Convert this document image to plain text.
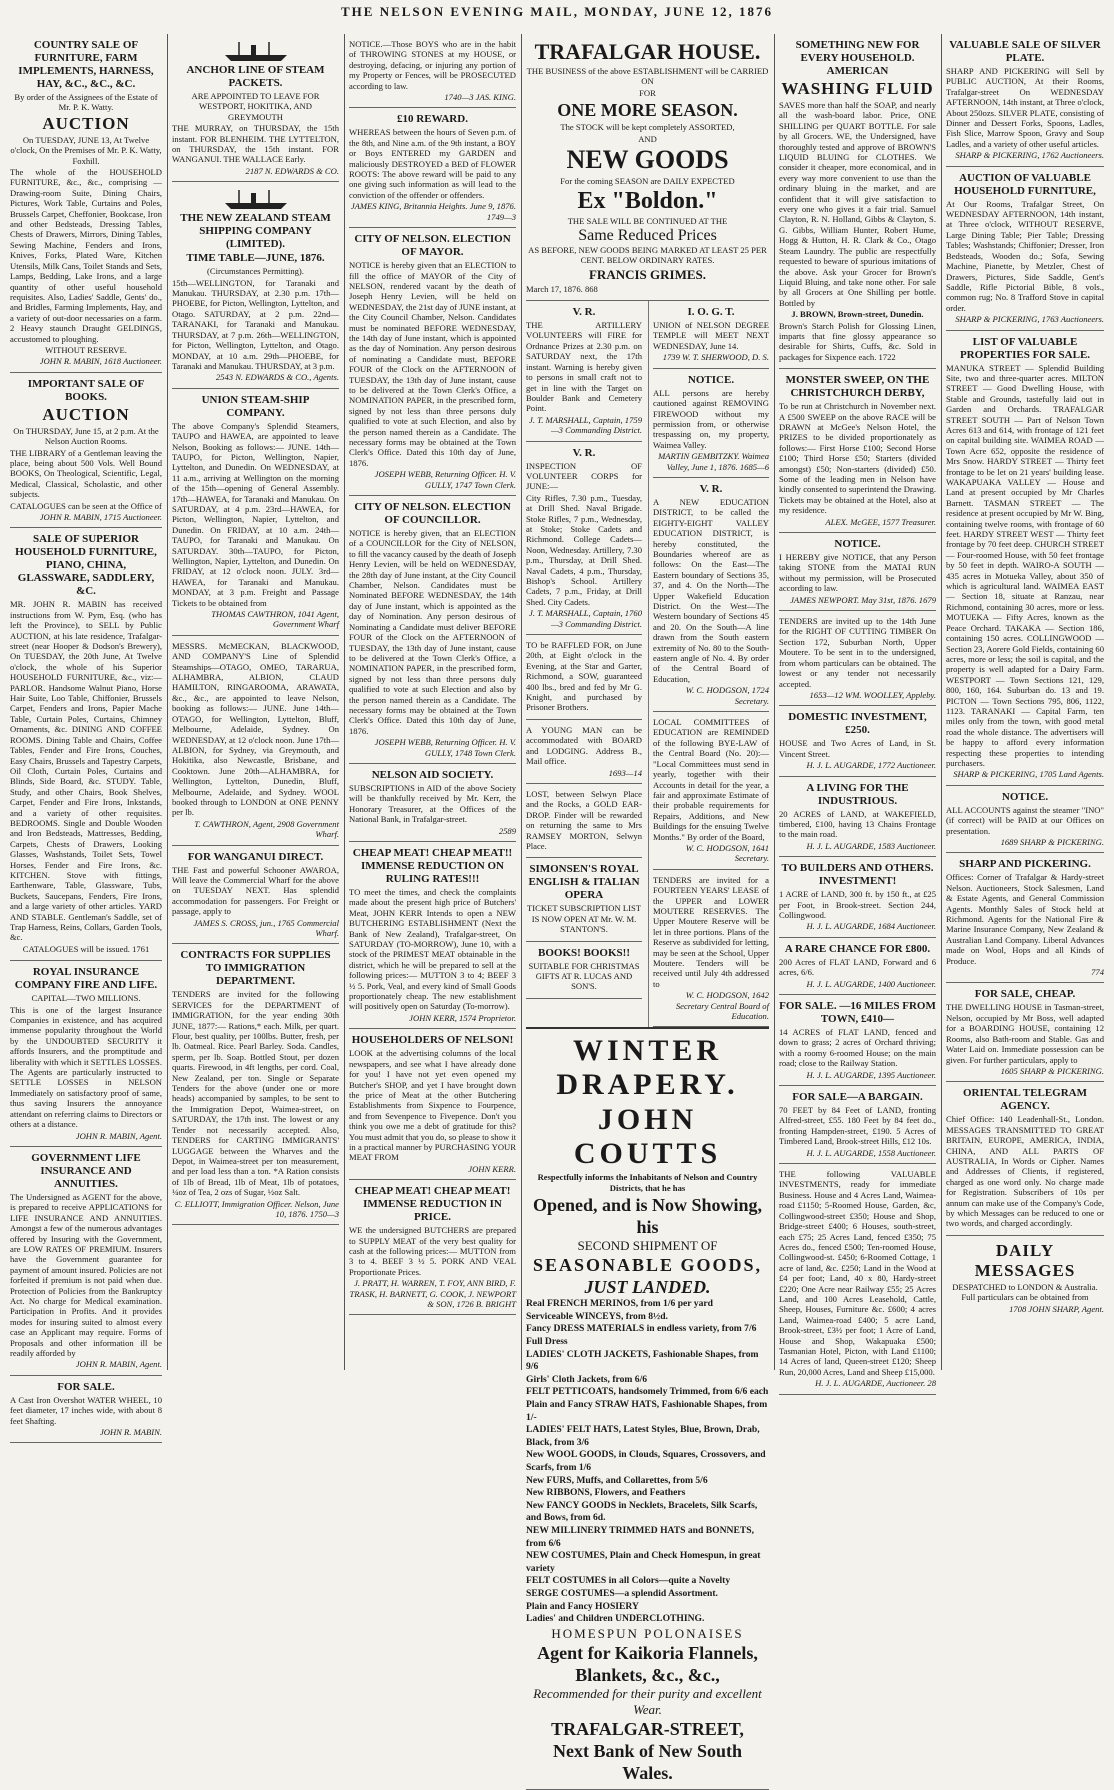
THE NELSON EVENING MAIL, MONDAY, JUNE 12, 1876
COUNTRY SALE OF FURNITURE, FARM IMPLEMENTS, HARNESS, HAY, &C., &C., &C.
By order of the Assignees of the Estate of Mr. P. K. Watty.
AUCTION
On TUESDAY, JUNE 13, At Twelve o'clock, On the Premises of Mr. P. K. Watty, Foxhill.
The whole of the HOUSEHOLD FURNITURE, &c., &c., comprising — Drawing-room Suite, Dining Chairs, Pictures, Work Table, Curtains and Poles, Brussels Carpet, Cheffonier, Bookcase, Iron and other Bedsteads, Dressing Tables, Chests of Drawers, Mirrors, Dining Tables, Sewing Machine, Fenders and Irons, Knives, Forks, Plated Ware, Kitchen Utensils, Milk Cans, Toilet Stands and Sets, Lamps, Bedding, Lake Irons, and a large quantity of other useful household requisites. Also, Ladies' Saddle, Gents' do., and Bridles, Farming Implements, Hay, and a variety of out-door necessaries on a farm. 2 Heavy staunch Draught GELDINGS, accustomed to ploughing.
WITHOUT RESERVE.
JOHN R. MABIN, 1618 Auctioneer.
IMPORTANT SALE OF BOOKS.
AUCTION
On THURSDAY, June 15, at 2 p.m. At the Nelson Auction Rooms.
THE LIBRARY of a Gentleman leaving the place, being about 500 Vols. Well Bound BOOKS, On Theological, Scientific, Legal, Medical, Classical, Scholastic, and other subjects.
CATALOGUES can be seen at the Office of
JOHN R. MABIN, 1715 Auctioneer.
SALE OF SUPERIOR HOUSEHOLD FURNITURE, PIANO, CHINA, GLASSWARE, SADDLERY, &C.
MR. JOHN R. MABIN has received instructions from W. Pym, Esq. (who has left the Province), to SELL by Public AUCTION, at his late residence, Trafalgar-street (near Hooper & Dodson's Brewery), On TUESDAY, the 20th June, At Twelve o'clock, the whole of his Superior HOUSEHOLD FURNITURE, &c., viz:— PARLOR. Handsome Walnut Piano, Horse Hair Suite, Loo Table, Chiffonier, Brussels Carpet, Fenders and Irons, Papier Mache Table, Curtain Poles, Curtains, Chimney Ornaments, &c. DINING AND COFFEE ROOMS. Dining Table and Chairs, Coffee Tables, Fender and Fire Irons, Couches, Easy Chairs, Brussels and Tapestry Carpets, Oil Cloth, Curtain Poles, Curtains and Blinds, Side Board, &c. STUDY. Table, Study, and other Chairs, Book Shelves, Carpet, Fender and Fire Irons, Inkstands, and a variety of other requisites. BEDROOMS. Single and Double Wooden and Iron Bedsteads, Mattresses, Bedding, Carpets, Chests of Drawers, Looking Glasses, Washstands, Toilet Sets, Towel Horses, Fender and Fire Irons, &c. KITCHEN. Stove with fittings, Earthenware, Table, Glassware, Tubs, Buckets, Saucepans, Fenders, Fire Irons, and a large variety of other articles. YARD AND STABLE. Gentleman's Saddle, set of Trap Harness, Reins, Collars, Garden Tools, &c.
CATALOGUES will be issued. 1761
ROYAL INSURANCE COMPANY FIRE AND LIFE.
CAPITAL—TWO MILLIONS.
This is one of the largest Insurance Companies in existence, and has acquired immense popularity throughout the World by the UNDOUBTED SECURITY it affords Insurers, and the promptitude and liberality with which it SETTLES LOSSES. The Agents are particularly instructed to SETTLE LOSSES in NELSON Immediately on satisfactory proof of same, thus saving Insurers the annoyance attendant on referring claims to Directors or others at a distance.
JOHN R. MABIN, Agent.
GOVERNMENT LIFE INSURANCE AND ANNUITIES.
The Undersigned as AGENT for the above, is prepared to receive APPLICATIONS for LIFE INSURANCE AND ANNUITIES. Amongst a few of the numerous advantages offered by Insuring with the Government, are LOW RATES OF PREMIUM. Insurers have the Government guarantee for payment of amount insured. Policies are not forfeited if premium is not paid when due. Protection of Policies from the Bankruptcy Act. No charge for Medical examination. Participation in Profits. And it provides modes for insuring suited to almost every case an Applicant may require. Forms of Proposals and other information ill be readily afforded by
JOHN R. MABIN, Agent.
FOR SALE.
A Cast Iron Overshot WATER WHEEL, 10 feet diameter, 17 inches wide, with about 8 feet Shafting.
JOHN R. MABIN.
ANCHOR LINE OF STEAM PACKETS.
ARE APPOINTED TO LEAVE FOR WESTPORT, HOKITIKA, AND GREYMOUTH
THE MURRAY, on THURSDAY, the 15th instant. FOR BLENHEIM. THE LYTTELTON, on THURSDAY, the 15th instant. FOR WANGANUI. THE WALLACE Early.
2187 N. EDWARDS & CO.
THE NEW ZEALAND STEAM SHIPPING COMPANY (LIMITED).
TIME TABLE—JUNE, 1876.
(Circumstances Permitting).
15th—WELLINGTON, for Taranaki and Manukau. THURSDAY, at 2.30 p.m. 17th—PHOEBE, for Picton, Wellington, Lyttelton, and Otago. SATURDAY, at 2 p.m. 22nd—TARANAKI, for Taranaki and Manukau. THURSDAY, at 7 p.m. 26th—WELLINGTON, for Picton, Wellington, Lyttelton, and Otago. MONDAY, at 10 a.m. 29th—PHOEBE, for Taranaki and Manukau. THURSDAY, at 3 p.m.
2543 N. EDWARDS & CO., Agents.
UNION STEAM-SHIP COMPANY.
The above Company's Splendid Steamers, TAUPO and HAWEA, are appointed to leave Nelson, Booking as follows:— JUNE. 14th—TAUPO, for Picton, Wellington, Napier, Lyttelton, and Dunedin. On WEDNESDAY, at 11 a.m., arriving at Wellington on the morning of the 15th—opening of General Assembly. 17th—HAWEA, for Taranaki and Manukau. On SATURDAY, at 4 p.m. 23rd—HAWEA, for Picton, Wellington, Napier, Lyttelton, and Dunedin. On FRIDAY, at 10 a.m. 24th—TAUPO, for Taranaki and Manukau. On SATURDAY. 30th—TAUPO, for Picton, Wellington, Napier, Lyttelton, and Dunedin. On FRIDAY, at 12 o'clock noon. JULY. 3rd—HAWEA, for Taranaki and Manukau. MONDAY, at 3 p.m. Freight and Passage Tickets to be obtained from
THOMAS CAWTHRON, 1041 Agent, Government Wharf
MESSRS. McMECKAN, BLACKWOOD, AND COMPANY'S Line of Splendid Steamships—OTAGO, OMEO, TARARUA, ALHAMBRA, ALBION, CLAUD HAMILTON, RINGAROOMA, ARAWATA, &c., &c., are appointed to leave Nelson, booking as follows:— JUNE. June 14th—OTAGO, for Wellington, Lyttelton, Bluff, Melbourne, Adelaide, Sydney. On WEDNESDAY, at 12 o'clock noon. June 17th—ALBION, for Sydney, via Greymouth, and Hokitika, also Newcastle, Brisbane, and Cooktown. June 20th—ALHAMBRA, for Wellington, Lyttelton, Dunedin, Bluff, Melbourne, Adelaide, and Sydney. WOOL booked through to LONDON at ONE PENNY per lb.
T. CAWTHRON, Agent, 2908 Government Wharf.
FOR WANGANUI DIRECT.
THE Fast and powerful Schooner AWAROA, Will leave the Commercial Wharf for the above on TUESDAY NEXT. Has splendid accommodation for passengers. For Freight or passage, apply to
JAMES S. CROSS, jun., 1765 Commercial Wharf.
CONTRACTS FOR SUPPLIES TO IMMIGRATION DEPARTMENT.
TENDERS are invited for the following SERVICES for the DEPARTMENT of IMMIGRATION, for the year ending 30th JUNE, 1877:— Rations,* each. Milk, per quart. Flour, best quality, per 100lbs. Butter, fresh, per lb. Oatmeal. Rice. Pearl Barley. Soda. Candles, sperm, per lb. Soap. Bottled Stout, per dozen quarts. Firewood, in 4ft lengths, per cord. Coal, New Zealand, per ton. Single or Separate Tenders for the above (under one or more heads) accompanied by samples, to be sent to the Immigration Depot, Waimea-street, on SATURDAY, the 17th inst. The lowest or any Tender not necessarily accepted. Also, TENDERS for CARTING IMMIGRANTS' LUGGAGE between the Wharves and the Depot, in Waimea-street per ton measurement, and per load less than a ton. *A Ration consists of 1lb of Bread, 1lb of Meat, 1lb of potatoes, ¼oz of Tea, 2 ozs of Sugar, ½oz Salt.
C. ELLIOTT, Immigration Officer. Nelson, June 10, 1876. 1750—3
NOTICE.—Those BOYS who are in the habit of THROWING STONES at my HOUSE, or destroying, defacing, or injuring any portion of my Property or Fences, will be PROSECUTED according to law.
1740—3 JAS. KING.
£10 REWARD.
WHEREAS between the hours of Seven p.m. of the 8th, and Nine a.m. of the 9th instant, a BOY or Boys ENTERED my GARDEN and maliciously DESTROYED a BED of FLOWER ROOTS: The above reward will be paid to any one giving such information as will lead to the conviction of the offender or offenders.
JAMES KING, Britannia Heights. June 9, 1876. 1749—3
CITY OF NELSON. ELECTION OF MAYOR.
NOTICE is hereby given that an ELECTION to fill the office of MAYOR of the City of NELSON, rendered vacant by the death of Joseph Henry Levien, will be held on WEDNESDAY, the 21st day of JUNE instant, at the City Council Chamber, Nelson. Candidates must be nominated BEFORE WEDNESDAY, the 14th day of June instant, which is appointed as the day of Nomination. Any person desirous of nominating a Candidate must, BEFORE FOUR of the Clock on the AFTERNOON of TUESDAY, the 13th day of June instant, cause to be delivered at the Town Clerk's Office, a NOMINATION PAPER, in the prescribed form, signed by not less than three persons duly qualified to vote at such Election, and also by the person named therein as a Candidate. The necessary forms may be obtained at the Town Clerk's Office. Dated this 10th day of June, 1876.
JOSEPH WEBB, Returning Officer. H. V. GULLY, 1747 Town Clerk.
CITY OF NELSON. ELECTION OF COUNCILLOR.
NOTICE is hereby given, that an ELECTION of a COUNCILLOR for the City of NELSON, to fill the vacancy caused by the death of Joseph Henry Levien, will be held on WEDNESDAY, the 28th day of June instant, at the City Council Chamber, Nelson. Candidates must be Nominated BEFORE WEDNESDAY, the 14th day of June instant, which is appointed as the day of Nomination. Any person desirous of Nominating a Candidate must deliver BEFORE FOUR of the Clock on the AFTERNOON of TUESDAY, the 13th day of June instant, cause to be delivered at the Town Clerk's Office, a NOMINATION PAPER, in the prescribed form, signed by not less than three persons duly qualified to vote at such Election and also by the person named therein as a Candidate. The necessary forms may be obtained at the Town Clerk's Office. Dated this 10th day of June, 1876.
JOSEPH WEBB, Returning Officer. H. V. GULLY, 1748 Town Clerk.
NELSON AID SOCIETY.
SUBSCRIPTIONS in AID of the above Society will be thankfully received by Mr. Kerr, the Honorary Treasurer, at the Offices of the National Bank, in Trafalgar-street.
2589
CHEAP MEAT! CHEAP MEAT!! IMMENSE REDUCTION ON RULING RATES!!!
TO meet the times, and check the complaints made about the present high price of Butchers' Meat, JOHN KERR Intends to open a NEW BUTCHERING ESTABLISHMENT (Next the Bank of New Zealand), Trafalgar-street, On SATURDAY (TO-MORROW), June 10, with a stock of the PRIMEST MEAT obtainable in the district, which he will be prepared to sell at the following prices:— MUTTON 3 to 4; BEEF 3 ½ 5. Pork, Veal, and every kind of Small Goods proportionately cheap. The new establishment will positively open on Saturday (To-morrow).
JOHN KERR, 1574 Proprietor.
HOUSEHOLDERS OF NELSON!
LOOK at the advertising columns of the local newspapers, and see what I have already done for you! I have not yet even opened my Butcher's SHOP, and yet I have brought down the price of Meat at the other Butchering Establishments from Sixpence to Fourpence, and from Sevenpence to Fivepence. Don't you think you owe me a debt of gratitude for this? You must admit that you do, so please to show it in a practical manner by PURCHASING YOUR MEAT FROM
JOHN KERR.
CHEAP MEAT! CHEAP MEAT! IMMENSE REDUCTION IN PRICE.
WE the undersigned BUTCHERS are prepared to SUPPLY MEAT of the very best quality for cash at the following prices:— MUTTON from 3 to 4. BEEF 3 ½ 5. PORK AND VEAL Proportionate Prices.
J. PRATT, H. WARREN, T. FOY, ANN BIRD, F. TRASK, H. BARNETT, G. COOK, J. NEWPORT & SON, 1726 B. BRIGHT
TRAFALGAR HOUSE.
THE BUSINESS of the above ESTABLISHMENT will be CARRIED ON
FOR
ONE MORE SEASON.
The STOCK will be kept completely ASSORTED,
AND
NEW GOODS
For the coming SEASON are DAILY EXPECTED
Ex "Boldon."
THE SALE WILL BE CONTINUED AT THE
Same Reduced Prices
AS BEFORE, NEW GOODS BEING MARKED AT LEAST 25 PER CENT. BELOW ORDINARY RATES.
FRANCIS GRIMES.
March 17, 1876. 868
V. R.
THE ARTILLERY VOLUNTEERS will FIRE for Ordnance Prizes at 2.30 p.m. on SATURDAY next, the 17th instant. Warning is hereby given to persons in small craft not to get in line with the Target on Boulder Bank and Cemetery Point.
J. T. MARSHALL, Captain, 1759—3 Commanding District.
V. R.
INSPECTION OF VOLUNTEER CORPS for JUNE:—
City Rifles, 7.30 p.m., Tuesday, at Drill Shed. Naval Brigade. Stoke Rifles, 7 p.m., Wednesday, at Stoke; Stoke Cadets and Richmond. College Cadets—Noon, Wednesday. Artillery, 7.30 p.m., Thursday, at Drill Shed. Naval Cadets, 4 p.m., Thursday, Bishop's School. Artillery Cadets, 7 p.m., Friday, at Drill Shed. City Cadets.
J. T. MARSHALL, Captain, 1760—3 Commanding District.
TO be RAFFLED FOR, on June 20th, at Eight o'clock in the Evening, at the Star and Garter, Richmond, a SOW, guaranteed 400 lbs., bred and fed by Mr G. Knight, and purchased by Prisoner Brothers.
A YOUNG MAN can be accommodated with BOARD and LODGING. Address B., Mail office.
1693—14
LOST, between Selwyn Place and the Rocks, a GOLD EAR-DROP. Finder will be rewarded on returning the same to Mrs RAMSEY MORTON, Selwyn Place.
SIMONSEN'S ROYAL ENGLISH & ITALIAN OPERA
TICKET SUBSCRIPTION LIST IS NOW OPEN AT Mr. W. M. STANTON'S.
BOOKS! BOOKS!!
SUITABLE FOR CHRISTMAS GIFTS AT R. LUCAS AND SON'S.
I. O. G. T.
UNION of NELSON DEGREE TEMPLE will MEET NEXT WEDNESDAY, June 14.
1739 W. T. SHERWOOD, D. S.
NOTICE.
ALL persons are hereby cautioned against REMOVING FIREWOOD without my permission from, or otherwise trespassing on, my property, Waimea Valley.
MARTIN GEMBITZKY. Waimea Valley, June 1, 1876. 1685—6
V. R.
A NEW EDUCATION DISTRICT, to be called the EIGHTY-EIGHT VALLEY EDUCATION DISTRICT, is hereby constituted, the Boundaries whereof are as follows: On the East—The Eastern boundary of Sections 35, 37, and 4. On the North—The Upper Wakefield Education District. On the West—The Western boundary of Sections 45 and 20. On the South—A line drawn from the South eastern extremity of No. 80 to the South-eastern angle of No. 4. By order of the Central Board of Education,
W. C. HODGSON, 1724 Secretary.
LOCAL COMMITTEES of EDUCATION are REMINDED of the following BYE-LAW of the Central Board (No. 20):— "Local Committees must send in yearly, together with their Accounts in detail for the year, a fair and approximate Estimate of their probable requirements for Repairs, Additions, and New Buildings for the ensuing Twelve Months." By order of the Board,
W. C. HODGSON, 1641 Secretary.
TENDERS are invited for a FOURTEEN YEARS' LEASE of the UPPER and LOWER MOUTERE RESERVES. The Upper Moutere Reserve will be let in three portions. Plans of the Reserve as subdivided for letting, may be seen at the School, Upper Moutere. Tenders will be received until July 4th addressed to
W. C. HODGSON, 1642 Secretary Central Board of Education.
WINTER DRAPERY.
JOHN COUTTS
Respectfully informs the Inhabitants of Nelson and Country Districts, that he has
Opened, and is Now Showing, his
SECOND SHIPMENT OF
SEASONABLE GOODS,
JUST LANDED.
Real FRENCH MERINOS, from 1/6 per yard
Serviceable WINCEYS, from 8½d.
Fancy DRESS MATERIALS in endless variety, from 7/6 Full Dress
LADIES' CLOTH JACKETS, Fashionable Shapes, from 9/6
Girls' Cloth Jackets, from 6/6
FELT PETTICOATS, handsomely Trimmed, from 6/6 each
Plain and Fancy STRAW HATS, Fashionable Shapes, from 1/-
LADIES' FELT HATS, Latest Styles, Blue, Brown, Drab, Black, from 3/6
New WOOL GOODS, in Clouds, Squares, Crossovers, and Scarfs, from 1/6
New FURS, Muffs, and Collarettes, from 5/6
New RIBBONS, Flowers, and Feathers
New FANCY GOODS in Necklets, Bracelets, Silk Scarfs, and Bows, from 6d.
NEW MILLINERY TRIMMED HATS and BONNETS, from 6/6
NEW COSTUMES, Plain and Check Homespun, in great variety
FELT COSTUMES in all Colors—quite a Novelty
SERGE COSTUMES—a splendid Assortment.
Plain and Fancy HOSIERY
Ladies' and Children UNDERCLOTHING.
HOMESPUN POLONAISES
Agent for Kaikoria Flannels, Blankets, &c., &c.,
Recommended for their purity and excellent Wear.
TRAFALGAR-STREET,
Next Bank of New South Wales.
SOMETHING NEW FOR EVERY HOUSEHOLD. AMERICAN
WASHING FLUID
SAVES more than half the SOAP, and nearly all the wash-board labor. Price, ONE SHILLING per QUART BOTTLE. For sale by all Grocers. WE, the Undersigned, have thoroughly tested and approve of BROWN'S LIQUID BLUING for CLOTHES. We consider it cheaper, more economical, and in every way more convenient to use than the ordinary bluing in the market, and are confident that it will give satisfaction to every one who gives it a fair trial. Samuel Clayton, R. N. Holland, Gibbs & Clayton, S. G. Gibbs, William Hunter, Robert Hume, Hogg & Hutton, H. R. Clark & Co., Otago Steam Laundry. The public are respectfully requested to beware of spurious imitations of the above. Ask your Grocer for Brown's Liquid Bluing, and take none other. For sale by all Grocers at One Shilling per bottle. Bottled by
J. BROWN, Brown-street, Dunedin.
Brown's Starch Polish for Glossing Linen, imparts that fine glossy appearance so desirable for Shirts, Cuffs, &c. Sold in packages for Sixpence each. 1722
MONSTER SWEEP, ON THE CHRISTCHURCH DERBY,
To be run at Christchurch in November next. A £500 SWEEP on the above RACE will be DRAWN at McGee's Nelson Hotel, the PRIZES to be divided proportionately as follows:— First Horse £100; Second Horse £100; Third Horse £50; Starters (divided amongst) £50; Non-starters (divided) £50. Some of the leading men in Nelson have kindly consented to superintend the Drawing. Tickets may be obtained at the Hotel, also at my residence.
ALEX. McGEE, 1577 Treasurer.
NOTICE.
I HEREBY give NOTICE, that any Person taking STONE from the MATAI RUN without my permission, will be Prosecuted according to law.
JAMES NEWPORT. May 31st, 1876. 1679
TENDERS are invited up to the 14th June for the RIGHT OF CUTTING TIMBER On Section 172, Suburban North, Upper Moutere. To be sent in to the undersigned, from whom particulars can be obtained. The lowest or any tender not necessarily accepted.
1653—12 WM. WOOLLEY, Appleby.
DOMESTIC INVESTMENT, £250.
HOUSE and Two Acres of Land, in St. Vincent Street.
H. J. L. AUGARDE, 1772 Auctioneer.
A LIVING FOR THE INDUSTRIOUS.
20 ACRES of LAND, at WAKEFIELD, timbered, £100, having 13 Chains Frontage to the main road.
H. J. L. AUGARDE, 1583 Auctioneer.
TO BUILDERS AND OTHERS. INVESTMENT!
1 ACRE of LAND, 300 ft. by 150 ft., at £25 per Foot, in Brook-street. Section 244, Collingwood.
H. J. L. AUGARDE, 1684 Auctioneer.
A RARE CHANCE FOR £800.
200 Acres of FLAT LAND, Forward and 6 acres, 6/6.
H. J. L. AUGARDE, 1400 Auctioneer.
FOR SALE. —16 MILES FROM TOWN, £410—
14 ACRES of FLAT LAND, fenced and down to grass; 2 acres of Orchard thriving; with a roomy 6-roomed House; on the main road; close to the Railway Station.
H. J. L. AUGARDE, 1395 Auctioneer.
FOR SALE—A BARGAIN.
70 FEET by 84 Feet of LAND, fronting Alfred-street, £55. 180 Feet by 84 feet do., fronting Hampden-street, £190. 5 Acres of Timbered Land, Brook-street Hills, £12 10s.
H. J. L. AUGARDE, 1558 Auctioneer.
THE following VALUABLE INVESTMENTS, ready for immediate Business. House and 4 Acres Land, Waimea-road £1150; 5-Roomed House, Garden, &c, Collingwood-street £350; House and Shop, Bridge-street £400; 6 Houses, south-street, each £75; 25 Acres Land, fenced £350; 75 Acres do., fenced £500; Ten-roomed House, Collingwood-st. £450; 6-Roomed Cottage, 1 acre of land, &c. £250; Land in the Wood at £4 per foot; Land, 40 x 80, Hardy-street £220; One Acre near Railway £55; 25 Acres Land, and 100 Acres Leasehold, Cattle, Sheep, Houses, Furniture &c. £600; 4 acres Land, Waimea-road £400; 5 acre Land, Brook-street, £3½ per foot; 1 Acre of Land, House and Shop, Wakapuaka £500; Tasmanian Hotel, Picton, with Land £1100; 14 Acres of land, Queen-street £120; Sheep Run, 20,000 Acres, Land and Sheep £15,000.
H. J. L. AUGARDE, Auctioneer. 28
VALUABLE SALE OF SILVER PLATE.
SHARP AND PICKERING will Sell by PUBLIC AUCTION, At their Rooms, Trafalgar-street On WEDNESDAY AFTERNOON, 14th instant, at Three o'clock, About 250ozs. SILVER PLATE, consisting of Dinner and Dessert Forks, Spoons, Ladles, Fish Slice, Marrow Spoon, Gravy and Soup Ladles, and a variety of other useful articles.
SHARP & PICKERING, 1762 Auctioneers.
AUCTION OF VALUABLE HOUSEHOLD FURNITURE,
At Our Rooms, Trafalgar Street, On WEDNESDAY AFTERNOON, 14th instant, at Three o'clock, WITHOUT RESERVE, Large Dining Table; Pier Table; Dressing Tables; Washstands; Chiffonier; Dresser, Iron Bedsteads, Wooden do.; Sofa, Sewing Machine, Pianette, by Metzler, Chest of Drawers, Pictures, Side Saddle, Gent's Saddle, Rifle Pictorial Bible, 8 vols., common rug; No. 8 Trafford Stove in capital order.
SHARP & PICKERING, 1763 Auctioneers.
LIST OF VALUABLE PROPERTIES FOR SALE.
MANUKA STREET — Splendid Building Site, two and three-quarter acres. MILTON STREET — Good Dwelling House, with Stable and Grounds, tastefully laid out in Garden and Orchards. TRAFALGAR STREET SOUTH — Part of Nelson Town Acres 613 and 614, with frontage of 121 feet on capital building site. WAIMEA ROAD — Town Acre 652, opposite the residence of Mrs Snow. HARDY STREET — Thirty feet frontage to be let on 21 years' building lease. WAKAPUAKA VALLEY — House and Land at present occupied by Mr Charles Barnett. TASMAN STREET — The residence at present occupied by Mr W. Bing, containing twelve rooms, with frontage of 60 feet. HARDY STREET WEST — Thirty feet frontage by 70 feet deep. CHURCH STREET — Four-roomed House, with 50 feet frontage by 50 feet in depth. WAIRO-A SOUTH — 435 acres in Motueka Valley, about 350 of which is agricultural land. WAIMEA EAST — Section 18, situate at Ranzau, near Richmond, containing 30 acres, more or less. MOTUEKA — Fifty Acres, known as the Peace Orchard. TAKAKA — Section 186, containing 150 acres. COLLINGWOOD — Section 23, Aorere Gold Fields, containing 60 acres, more or less; the soil is capital, and the property is well adapted for a Dairy Farm. WESTPORT — Town Sections 121, 129, 800, 160, 164. Suburban do. 13 and 19. PICTON — Town Sections 795, 806, 1122, 1123. TARANAKI — Capital Farm, ten miles only from the town, with good metal road the whole distance. The advertisers will be happy to afford every information respecting these properties to intending purchasers.
SHARP & PICKERING, 1705 Land Agents.
NOTICE.
ALL ACCOUNTS against the steamer "INO" (if correct) will be PAID at our Offices on presentation.
1689 SHARP & PICKERING.
SHARP AND PICKERING.
Offices: Corner of Trafalgar & Hardy-street Nelson. Auctioneers, Stock Salesmen, Land & Estate Agents, and General Commission Agents. Monthly Sales of Stock held at Richmond. Agents for the National Fire & Marine Insurance Company, New Zealand & Australian Land Company. Liberal Advances made on Wool, Hops and all Kinds of Produce.
774
FOR SALE, CHEAP.
THE DWELLING HOUSE in Tasman-street, Nelson, occupied by Mr Boss, well adapted for a BOARDING HOUSE, containing 12 Rooms, also Bath-room and Stable. Gas and Water Laid on. Immediate possession can be given. For further particulars, apply to
1605 SHARP & PICKERING.
ORIENTAL TELEGRAM AGENCY.
Chief Office: 140 Leadenhall-St., London. MESSAGES TRANSMITTED TO GREAT BRITAIN, EUROPE, AMERICA, INDIA, CHINA, AND ALL PARTS OF AUSTRALIA, In Words or Cipher. Names and Addresses of Clients, if registered, charged as one word only. No charge made for Registration. Subscribers of 10s per annum can make use of the Company's Code, by which Messages can be reduced to one or two words, and charged accordingly.
DAILY MESSAGES
DESPATCHED to LONDON & Australia. Full particulars can be obtained from
1708 JOHN SHARP, Agent.
